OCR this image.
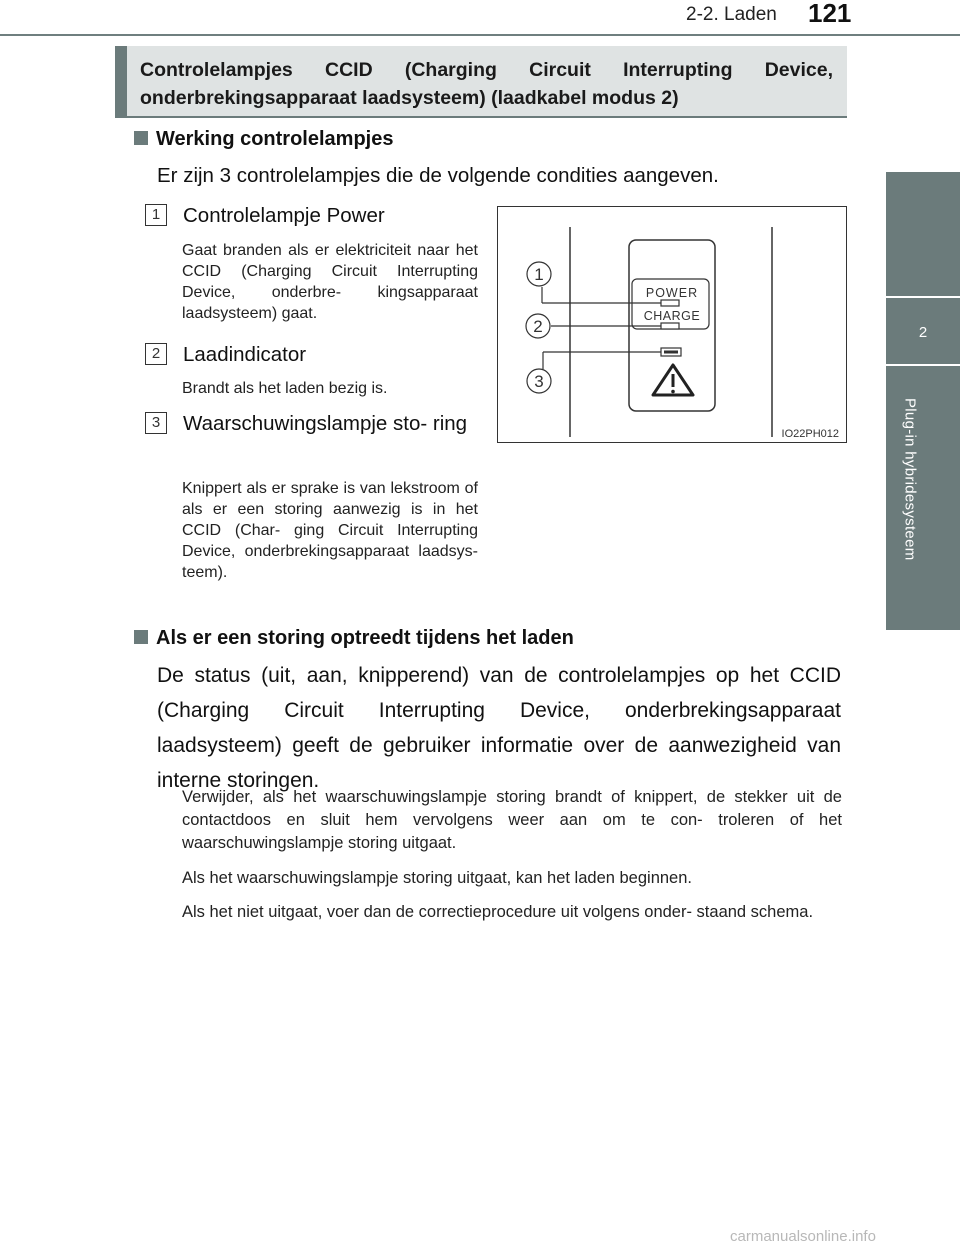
2-2. Laden 121
2
Plug-in hybridesysteem

Controlelampjes CCID (Charging Circuit Interrupting Device, onderbrekingsapparaat laadsysteem) (laadkabel modus 2)

Werking controlelampjes
Er zijn 3 controlelampjes die de volgende condities aangeven.
1	Controlelampje Power
Gaat branden als er elektriciteit naar het CCID (Charging Circuit Interrupting Device, onderbre- kingsapparaat laadsysteem) gaat.
2	Laadindicator
Brandt als het laden bezig is.
3	Waarschuwingslampje sto- ring
Knippert als er sprake is van lekstroom of als er een storing aanwezig is in het CCID (Char- ging Circuit Interrupting Device, onderbrekingsapparaat laadsys- teem).
POWER
CHARGE
1
2
3
IO22PH012
Als er een storing optreedt tijdens het laden
De status (uit, aan, knipperend) van de controlelampjes op het CCID (Charging Circuit Interrupting Device, onderbrekingsapparaat laadsysteem) geeft de gebruiker informatie over de aanwezigheid van interne storingen.
Verwijder, als het waarschuwingslampje storing brandt of knippert, de stekker uit de contactdoos en sluit hem vervolgens weer aan om te con- troleren of het waarschuwingslampje storing uitgaat.
Als het waarschuwingslampje storing uitgaat, kan het laden beginnen.
Als het niet uitgaat, voer dan de correctieprocedure uit volgens onder- staand schema.
carmanualsonline.info
